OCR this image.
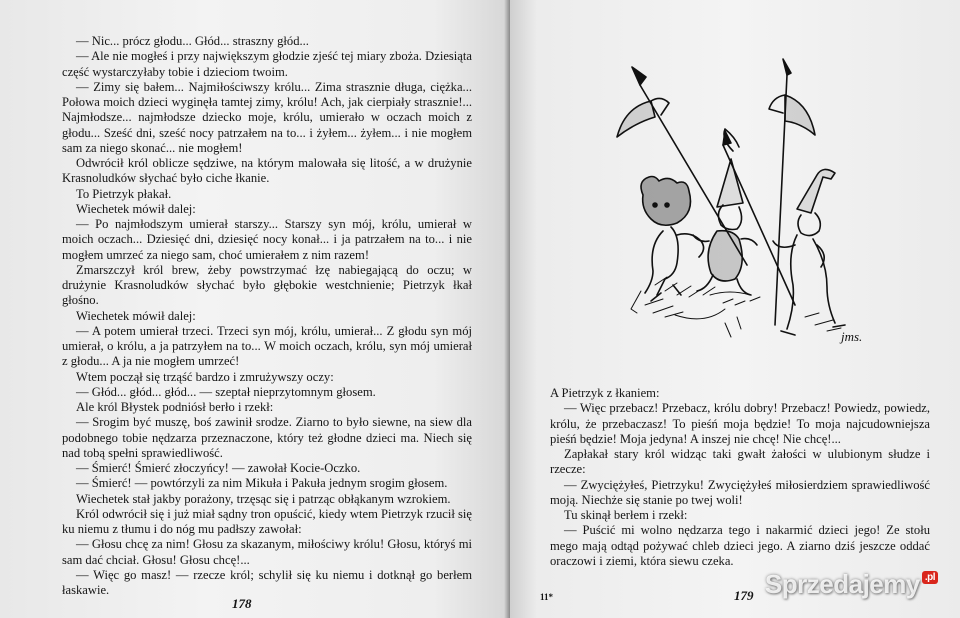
— Nic... prócz głodu... Głód... straszny głód...

— Ale nie mogłeś i przy największym głodzie zjeść tej miary zboża. Dziesiąta część wystarczyłaby tobie i dzieciom twoim.

— Zimy się bałem... Najmiłościwszy królu... Zima strasznie długa, ciężka... Połowa moich dzieci wyginęła tamtej zimy, królu! Ach, jak cierpiały strasznie!... Najmłodsze... najmłodsze dziecko moje, królu, umierało w oczach moich z głodu... Sześć dni, sześć nocy patrzałem na to... i żyłem... żyłem... i nie mogłem sam za niego skonać... nie mogłem!

Odwrócił król oblicze sędziwe, na którym malowała się litość, a w drużynie Krasnoludków słychać było ciche łkanie.

To Pietrzyk płakał.

Wiechetek mówił dalej:

— Po najmłodszym umierał starszy... Starszy syn mój, królu, umierał w moich oczach... Dziesięć dni, dziesięć nocy konał... i ja patrzałem na to... i nie mogłem umrzeć za niego sam, choć umierałem z nim razem!

Zmarszczył król brew, żeby powstrzymać łzę nabiegającą do oczu; w drużynie Krasnoludków słychać było głębokie westchnienie; Pietrzyk łkał głośno.

Wiechetek mówił dalej:

— A potem umierał trzeci. Trzeci syn mój, królu, umierał... Z głodu syn mój umierał, o królu, a ja patrzyłem na to... W moich oczach, królu, syn mój umierał z głodu... A ja nie mogłem umrzeć!

Wtem począł się trząść bardzo i zmrużywszy oczy:

— Głód... głód... głód... — szeptał nieprzytomnym głosem.

Ale król Błystek podniósł berło i rzekł:

— Srogim być muszę, boś zawinił srodze. Ziarno to było siewne, na siew dla podobnego tobie nędzarza przeznaczone, który też głodne dzieci ma. Niech się nad tobą spełni sprawiedliwość.

— Śmierć! Śmierć złoczyńcy! — zawołał Kocie-Oczko.

— Śmierć! — powtórzyli za nim Mikuła i Pakuła jednym srogim głosem.

Wiechetek stał jakby porażony, trzęsąc się i patrząc obłąkanym wzrokiem.

Król odwrócił się i już miał sądny tron opuścić, kiedy wtem Pietrzyk rzucił się ku niemu z tłumu i do nóg mu padłszy zawołał:

— Głosu chcę za nim! Głosu za skazanym, miłościwy królu! Głosu, któryś mi sam dać chciał. Głosu! Głosu chcę!...

— Więc go masz! — rzecze król; schylił się ku niemu i dotknął go berłem łaskawie.

178
jms.

A Pietrzyk z łkaniem:

— Więc przebacz! Przebacz, królu dobry! Przebacz! Powiedz, powiedz, królu, że przebaczasz! To pieśń moja będzie! To moja najcudowniejsza pieśń będzie! Moja jedyna! A inszej nie chcę! Nie chcę!...

Zapłakał stary król widząc taki gwałt żałości w ulubionym słudze i rzecze:

— Zwyciężyłeś, Pietrzyku! Zwyciężyłeś miłosierdziem sprawiedliwość moją. Niechże się stanie po twej woli!

Tu skinął berłem i rzekł:

— Puścić mi wolno nędzarza tego i nakarmić dzieci jego! Ze stołu mego mają odtąd pożywać chleb dzieci jego. A ziarno dziś jeszcze oddać oraczowi i ziemi, która siewu czeka.

11*	179 Sprzedajemy .pl
